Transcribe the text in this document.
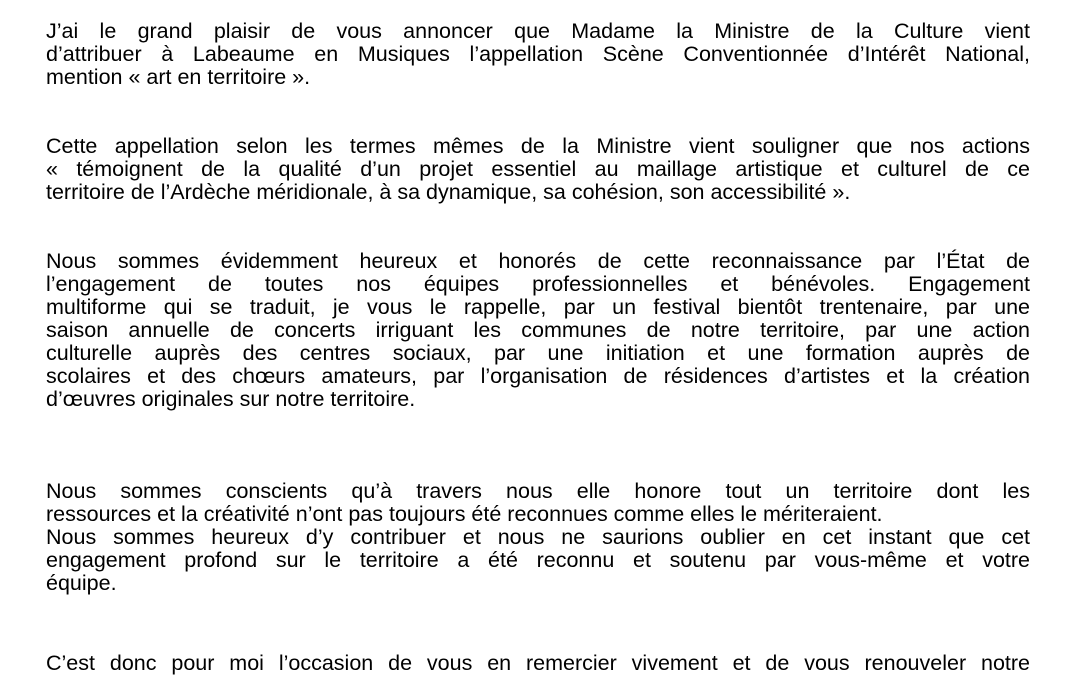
J’ai le grand plaisir de vous annoncer que Madame la Ministre de la Culture vient
d’attribuer à Labeaume en Musiques l’appellation Scène Conventionnée d’Intérêt National,
mention « art en territoire ».
Cette appellation selon les termes mêmes de la Ministre vient souligner que nos actions
« témoignent de la qualité d’un projet essentiel au maillage artistique et culturel de ce
territoire de l’Ardèche méridionale, à sa dynamique, sa cohésion, son accessibilité ».
Nous sommes évidemment heureux et honorés de cette reconnaissance par l’État de
l’engagement de toutes nos équipes professionnelles et bénévoles. Engagement
multiforme qui se traduit, je vous le rappelle, par un festival bientôt trentenaire, par une
saison annuelle de concerts irriguant les communes de notre territoire, par une action
culturelle auprès des centres sociaux, par une initiation et une formation auprès de
scolaires et des chœurs amateurs, par l’organisation de résidences d’artistes et la création
d’œuvres originales sur notre territoire.
Nous sommes conscients qu’à travers nous elle honore tout un territoire dont les
ressources et la créativité n’ont pas toujours été reconnues comme elles le mériteraient.
Nous sommes heureux d’y contribuer et nous ne saurions oublier en cet instant que cet
engagement profond sur le territoire a été reconnu et soutenu par vous-même et votre
équipe.
C’est donc pour moi l’occasion de vous en remercier vivement et de vous renouveler notre
